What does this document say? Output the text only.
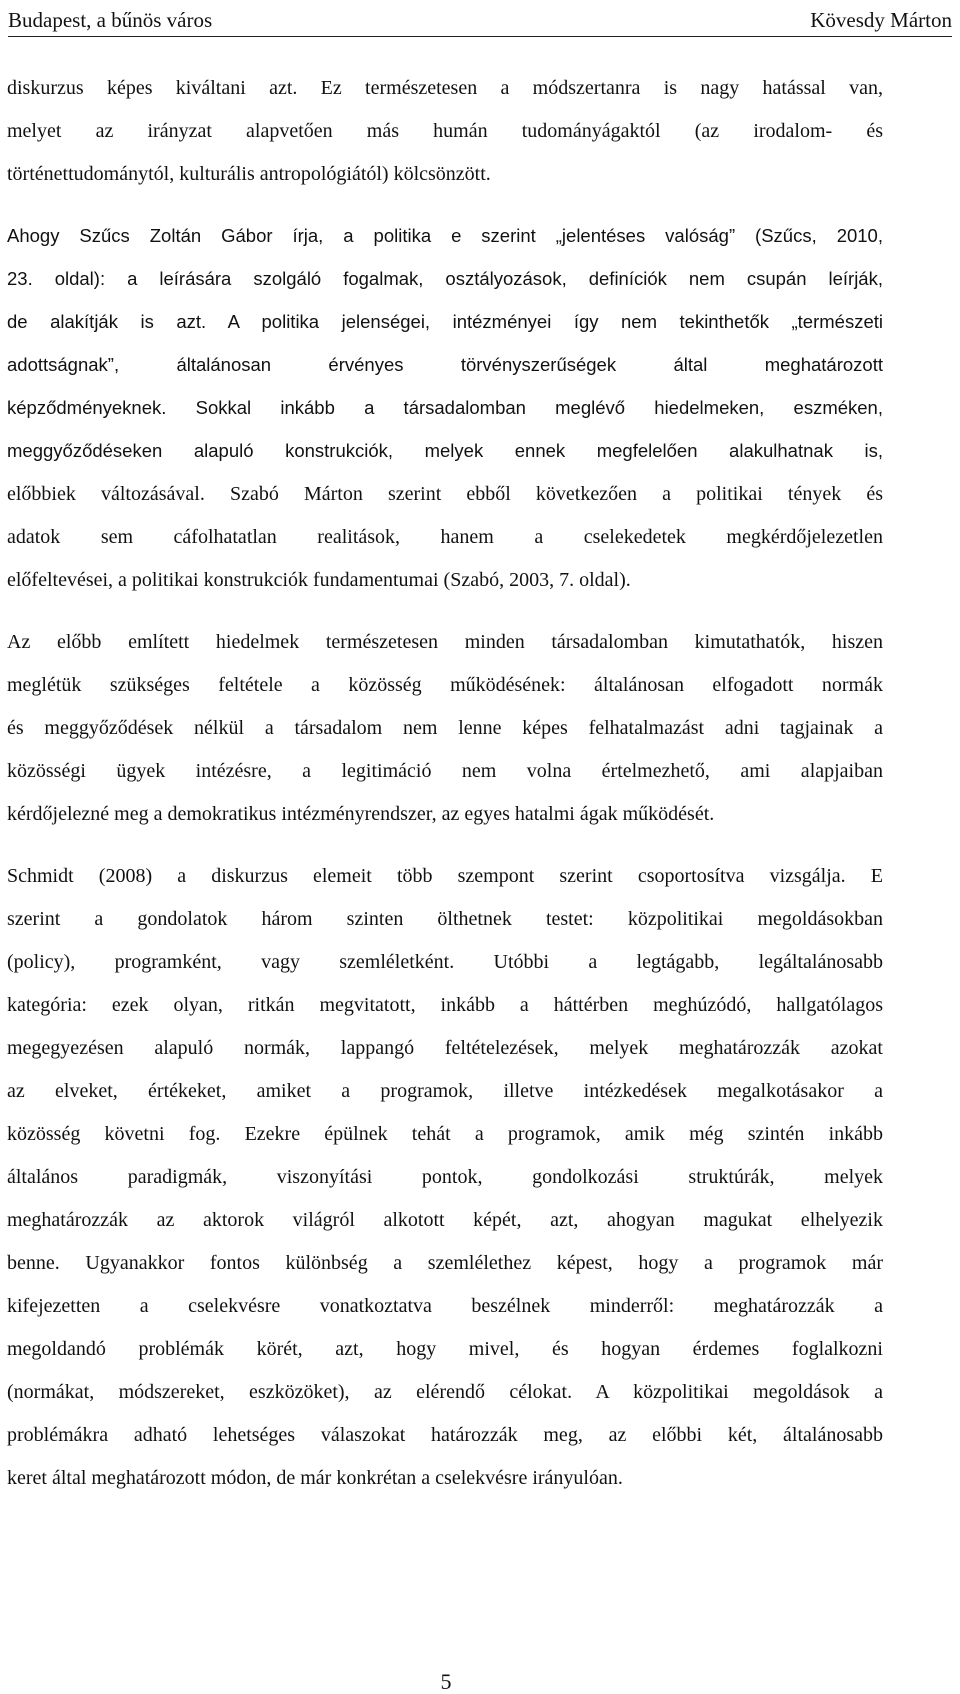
Budapest, a bűnös város	Kövesdy Márton
diskurzus képes kiváltani azt. Ez természetesen a módszertanra is nagy hatással van,
melyet az irányzat alapvetően más humán tudományágaktól (az irodalom- és
történettudománytól, kulturális antropológiától) kölcsönzött.
Ahogy Szűcs Zoltán Gábor írja, a politika e szerint „jelentéses valóság” (Szűcs, 2010,
23. oldal): a leírására szolgáló fogalmak, osztályozások, definíciók nem csupán leírják,
de alakítják is azt. A politika jelenségei, intézményei így nem tekinthetők „természeti
adottságnak”, általánosan érvényes törvényszerűségek által meghatározott
képződményeknek. Sokkal inkább a társadalomban meglévő hiedelmeken, eszméken,
meggyőződéseken alapuló konstrukciók, melyek ennek megfelelően alakulhatnak is,
előbbiek változásával. Szabó Márton szerint ebből következően a politikai tények és
adatok sem cáfolhatatlan realitások, hanem a cselekedetek megkérdőjelezetlen
előfeltevései, a politikai konstrukciók fundamentumai (Szabó, 2003, 7. oldal).
Az előbb említett hiedelmek természetesen minden társadalomban kimutathatók, hiszen
meglétük szükséges feltétele a közösség működésének: általánosan elfogadott normák
és meggyőződések nélkül a társadalom nem lenne képes felhatalmazást adni tagjainak a
közösségi ügyek intézésre, a legitimáció nem volna értelmezhető, ami alapjaiban
kérdőjelezné meg a demokratikus intézményrendszer, az egyes hatalmi ágak működését.
Schmidt (2008) a diskurzus elemeit több szempont szerint csoportosítva vizsgálja. E
szerint a gondolatok három szinten ölthetnek testet: közpolitikai megoldásokban
(policy), programként, vagy szemléletként. Utóbbi a legtágabb, legáltalánosabb
kategória: ezek olyan, ritkán megvitatott, inkább a háttérben meghúzódó, hallgatólagos
megegyezésen alapuló normák, lappangó feltételezések, melyek meghatározzák azokat
az elveket, értékeket, amiket a programok, illetve intézkedések megalkotásakor a
közösség követni fog. Ezekre épülnek tehát a programok, amik még szintén inkább
általános paradigmák, viszonyítási pontok, gondolkozási struktúrák, melyek
meghatározzák az aktorok világról alkotott képét, azt, ahogyan magukat elhelyezik
benne. Ugyanakkor fontos különbség a szemlélethez képest, hogy a programok már
kifejezetten a cselekvésre vonatkoztatva beszélnek minderről: meghatározzák a
megoldandó problémák körét, azt, hogy mivel, és hogyan érdemes foglalkozni
(normákat, módszereket, eszközöket), az elérendő célokat. A közpolitikai megoldások a
problémákra adható lehetséges válaszokat határozzák meg, az előbbi két, általánosabb
keret által meghatározott módon, de már konkrétan a cselekvésre irányulóan.
5
